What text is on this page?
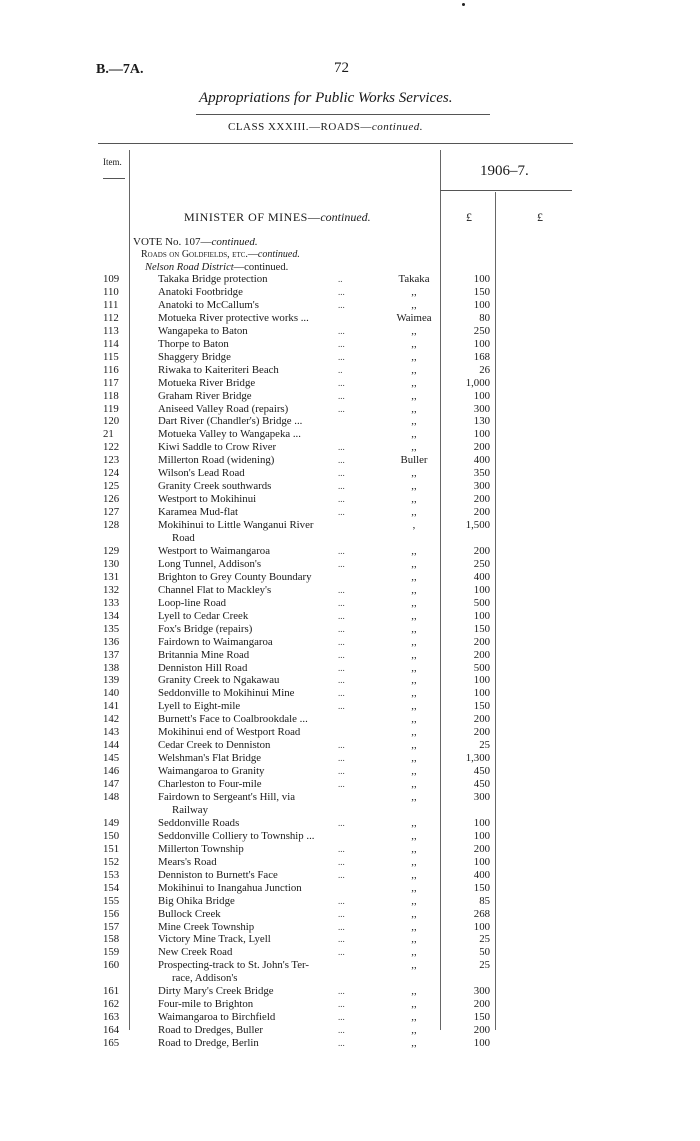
B.—7A.	72
Appropriations for Public Works Services.
CLASS XXXIII.—ROADS—continued.
Item.
1906–7.
£	£
MINISTER OF MINES—continued.
VOTE No. 107—continued.
Roads on Goldfields, etc.—continued.
Nelson Road District—continued.
109	Takaka Bridge protection	..	Takaka	100
110	Anatoki Footbridge	...	,,	150
111	Anatoki to McCallum's	...	,,	100
112	Motueka River protective works ...	Waimea	80
113	Wangapeka to Baton	...	,,	250
114	Thorpe to Baton	...	,,	100
115	Shaggery Bridge	...	,,	168
116	Riwaka to Kaiteriteri Beach	..	,,	26
117	Motueka River Bridge	...	,,	1,000
118	Graham River Bridge	...	,,	100
119	Aniseed Valley Road (repairs)	...	,,	300
120	Dart River (Chandler's) Bridge ...	,,	130
21	Motueka Valley to Wangapeka ...	,,	100
122	Kiwi Saddle to Crow River	...	,,	200
123	Millerton Road (widening)	...	Buller	400
124	Wilson's Lead Road	...	,,	350
125	Granity Creek southwards	...	,,	300
126	Westport to Mokihinui	...	,,	200
127	Karamea Mud-flat	...	,,	200
128	Mokihinui to Little Wanganui River	,	1,500
Road
129	Westport to Waimangaroa	...	,,	200
130	Long Tunnel, Addison's	...	,,	250
131	Brighton to Grey County Boundary	,,	400
132	Channel Flat to Mackley's	...	,,	100
133	Loop-line Road	...	,,	500
134	Lyell to Cedar Creek	...	,,	100
135	Fox's Bridge (repairs)	...	,,	150
136	Fairdown to Waimangaroa	...	,,	200
137	Britannia Mine Road	...	,,	200
138	Denniston Hill Road	...	,,	500
139	Granity Creek to Ngakawau	...	,,	100
140	Seddonville to Mokihinui Mine	...	,,	100
141	Lyell to Eight-mile	...	,,	150
142	Burnett's Face to Coalbrookdale ...	,,	200
143	Mokihinui end of Westport Road	,,	200
144	Cedar Creek to Denniston	...	,,	25
145	Welshman's Flat Bridge	...	,,	1,300
146	Waimangaroa to Granity	...	,,	450
147	Charleston to Four-mile	...	,,	450
148	Fairdown to Sergeant's Hill, via	,,	300
Railway
149	Seddonville Roads	...	,,	100
150	Seddonville Colliery to Township ...	,,	100
151	Millerton Township	...	,,	200
152	Mears's Road	...	,,	100
153	Denniston to Burnett's Face	...	,,	400
154	Mokihinui to Inangahua Junction	,,	150
155	Big Ohika Bridge	...	,,	85
156	Bullock Creek	...	,,	268
157	Mine Creek Township	...	,,	100
158	Victory Mine Track, Lyell	...	,,	25
159	New Creek Road	...	,,	50
160	Prospecting-track to St. John's Ter-	,,	25
race, Addison's
161	Dirty Mary's Creek Bridge	...	,,	300
162	Four-mile to Brighton	...	,,	200
163	Waimangaroa to Birchfield	...	,,	150
164	Road to Dredges, Buller	...	,,	200
165	Road to Dredge, Berlin	...	,,	100
